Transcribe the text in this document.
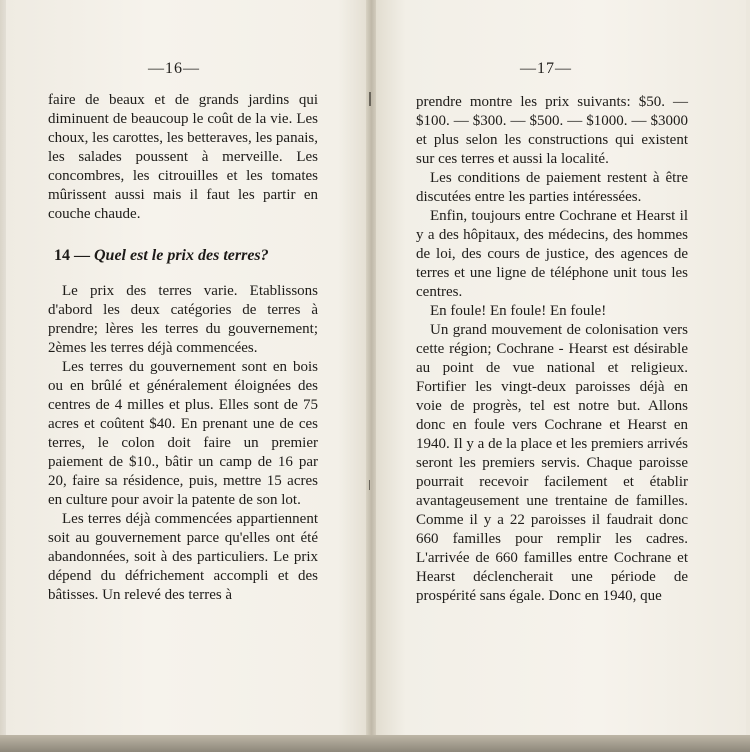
—16—

faire de beaux et de grands jardins qui diminuent de beaucoup le coût de la vie. Les choux, les carottes, les betteraves, les panais, les salades poussent à merveille. Les concombres, les citrouilles et les tomates mûrissent aussi mais il faut les partir en couche chaude.

14 — Quel est le prix des terres?

Le prix des terres varie. Etablissons d'abord les deux catégories de terres à prendre; lères les terres du gouvernement; 2èmes les terres déjà commencées.

Les terres du gouvernement sont en bois ou en brûlé et généralement éloignées des centres de 4 milles et plus. Elles sont de 75 acres et coûtent $40. En prenant une de ces terres, le colon doit faire un premier paiement de $10., bâtir un camp de 16 par 20, faire sa résidence, puis, mettre 15 acres en culture pour avoir la patente de son lot.

Les terres déjà commencées appartiennent soit au gouvernement parce qu'elles ont été abandonnées, soit à des particuliers. Le prix dépend du défrichement accompli et des bâtisses. Un relevé des terres à

—17—

prendre montre les prix suivants: $50. — $100. — $300. — $500. — $1000. — $3000 et plus selon les constructions qui existent sur ces terres et aussi la localité.

Les conditions de paiement restent à être discutées entre les parties intéressées.

Enfin, toujours entre Cochrane et Hearst il y a des hôpitaux, des médecins, des hommes de loi, des cours de justice, des agences de terres et une ligne de téléphone unit tous les centres.

En foule! En foule! En foule!

Un grand mouvement de colonisation vers cette région; Cochrane - Hearst est désirable au point de vue national et religieux. Fortifier les vingt-deux paroisses déjà en voie de progrès, tel est notre but. Allons donc en foule vers Cochrane et Hearst en 1940. Il y a de la place et les premiers arrivés seront les premiers servis. Chaque paroisse pourrait recevoir facilement et établir avantageusement une trentaine de familles. Comme il y a 22 paroisses il faudrait donc 660 familles pour remplir les cadres. L'arrivée de 660 familles entre Cochrane et Hearst déclencherait une période de prospérité sans égale. Donc en 1940, que
